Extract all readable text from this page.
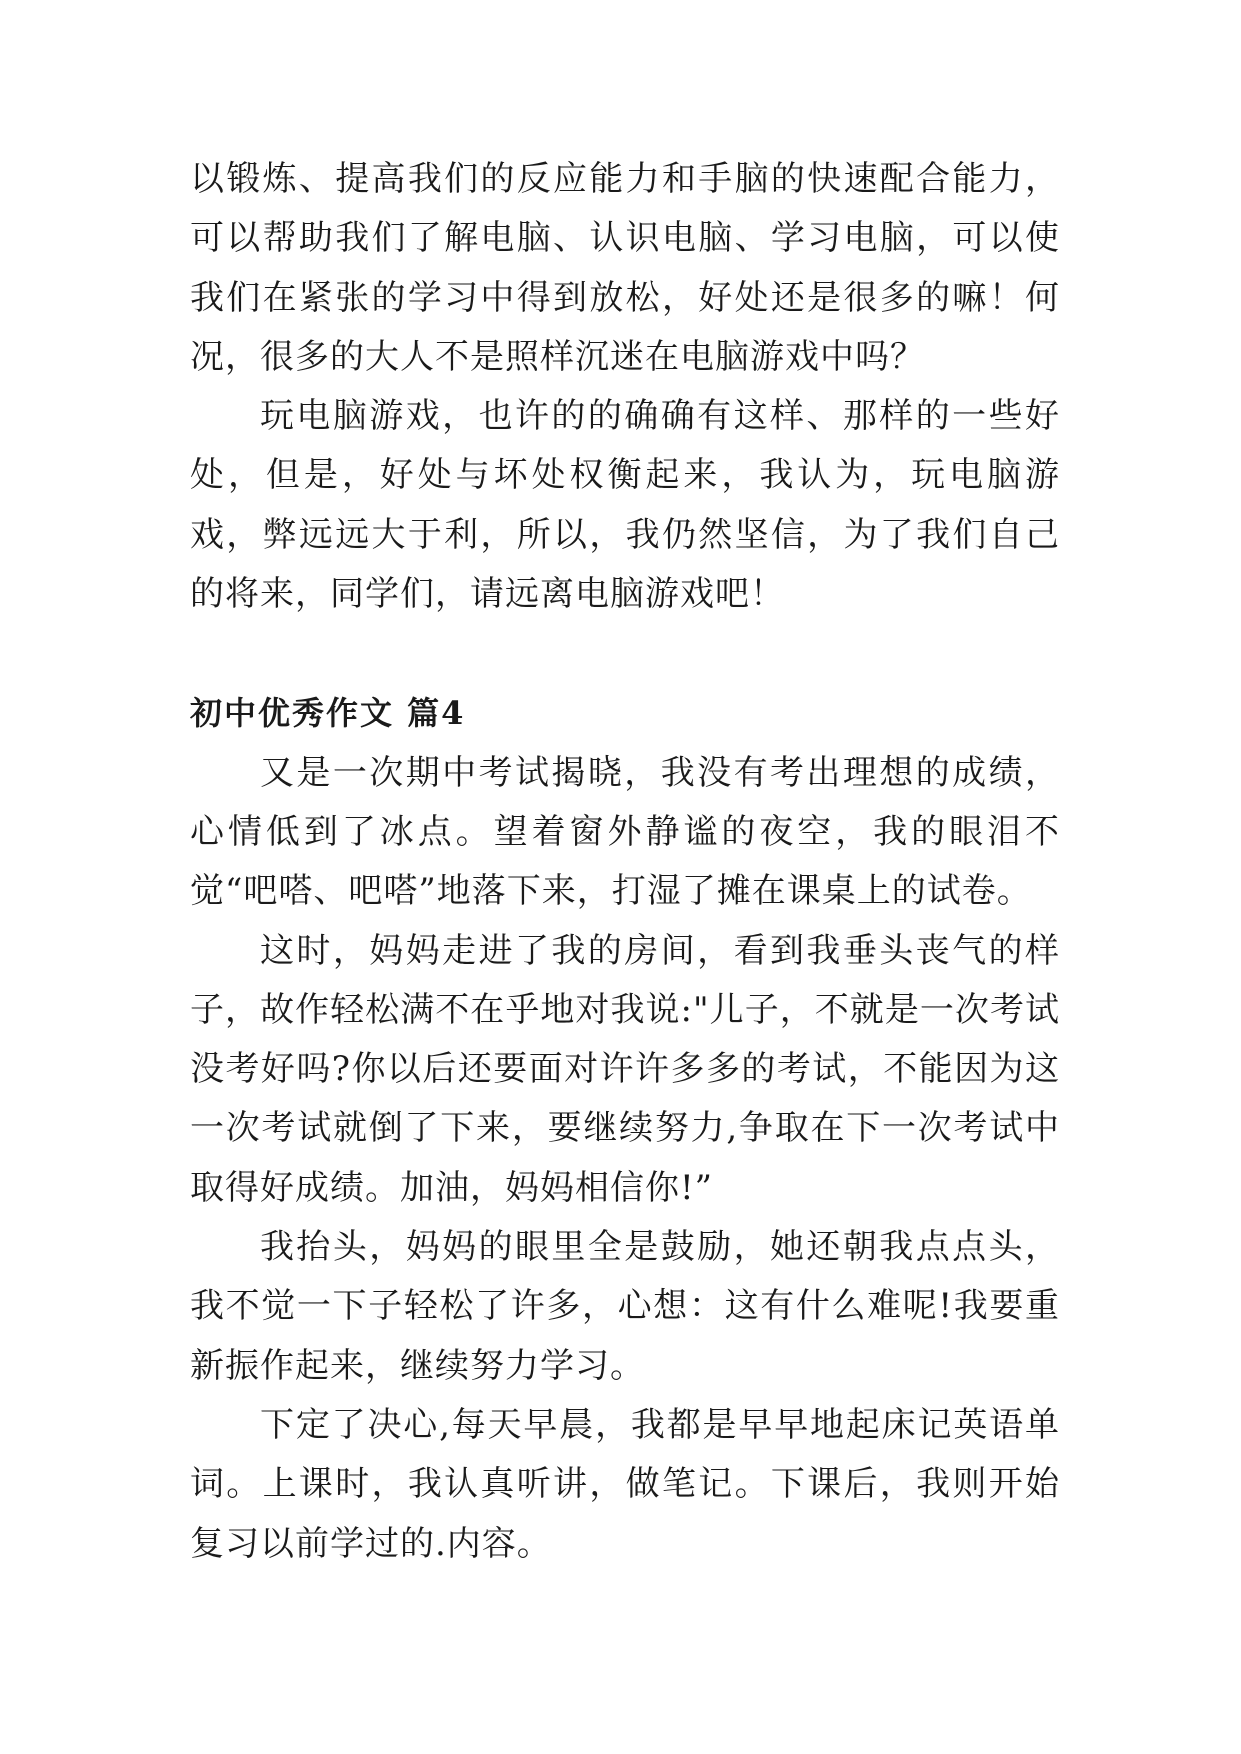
以锻炼、提高我们的反应能力和手脑的快速配合能力，可以帮助我们了解电脑、认识电脑、学习电脑，可以使我们在紧张的学习中得到放松，好处还是很多的嘛！何况，很多的大人不是照样沉迷在电脑游戏中吗？

玩电脑游戏，也许的的确确有这样、那样的一些好处，但是，好处与坏处权衡起来，我认为，玩电脑游戏，弊远远大于利，所以，我仍然坚信，为了我们自己的将来，同学们，请远离电脑游戏吧！

初中优秀作文 篇4

又是一次期中考试揭晓，我没有考出理想的成绩，心情低到了冰点。望着窗外静谧的夜空，我的眼泪不觉“吧嗒、吧嗒”地落下来，打湿了摊在课桌上的试卷。

这时，妈妈走进了我的房间，看到我垂头丧气的样子，故作轻松满不在乎地对我说:"儿子，不就是一次考试没考好吗?你以后还要面对许许多多的考试，不能因为这一次考试就倒了下来，要继续努力,争取在下一次考试中取得好成绩。加油，妈妈相信你!”

我抬头，妈妈的眼里全是鼓励，她还朝我点点头，我不觉一下子轻松了许多，心想：这有什么难呢!我要重新振作起来，继续努力学习。

下定了决心,每天早晨，我都是早早地起床记英语单词。上课时，我认真听讲，做笔记。下课后，我则开始复习以前学过的.内容。
